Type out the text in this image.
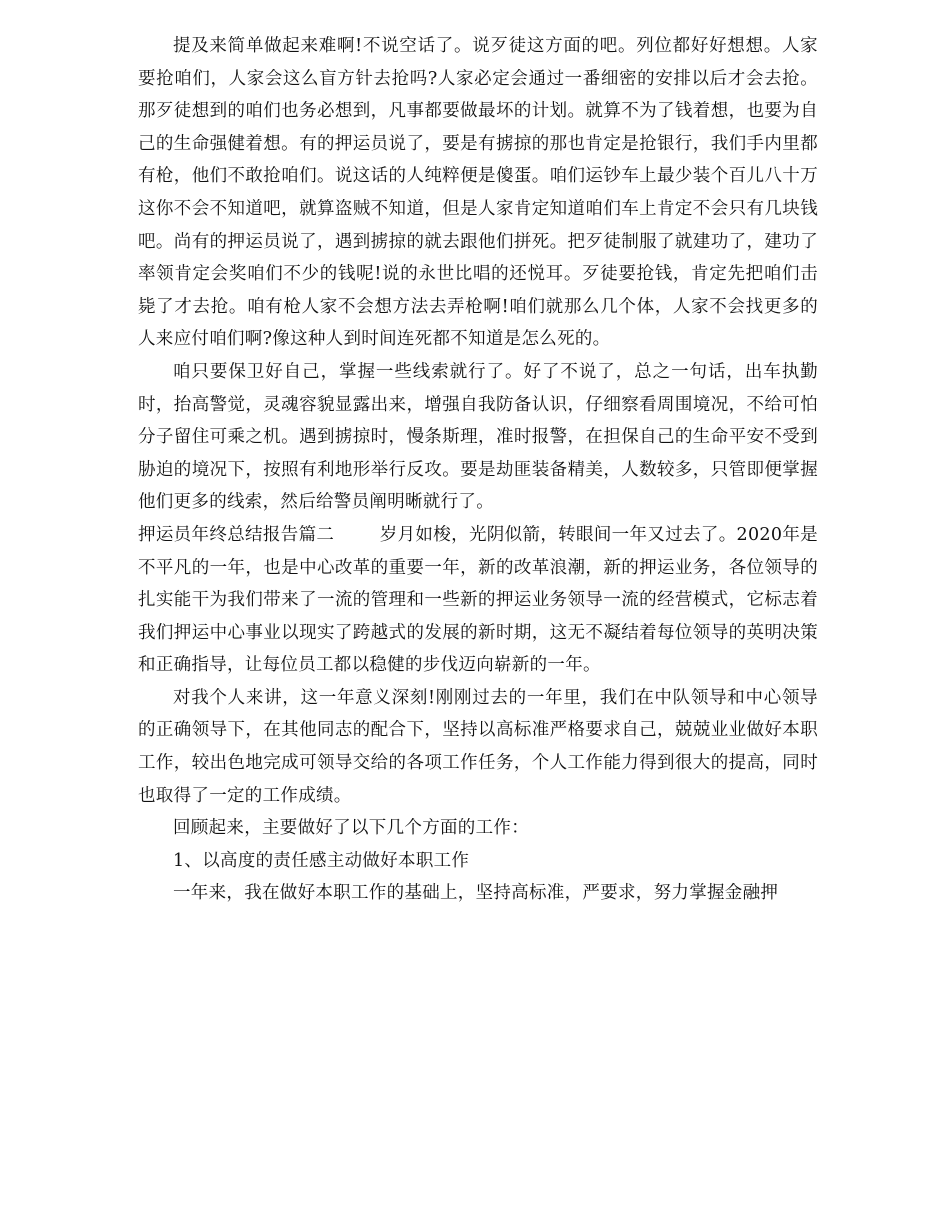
提及来简单做起来难啊!不说空话了。说歹徒这方面的吧。列位都好好想想。人家要抢咱们，人家会这么盲方针去抢吗?人家必定会通过一番细密的安排以后才会去抢。那歹徒想到的咱们也务必想到，凡事都要做最坏的计划。就算不为了钱着想，也要为自己的生命强健着想。有的押运员说了，要是有掳掠的那也肯定是抢银行，我们手内里都有枪，他们不敢抢咱们。说这话的人纯粹便是傻蛋。咱们运钞车上最少装个百儿八十万这你不会不知道吧，就算盗贼不知道，但是人家肯定知道咱们车上肯定不会只有几块钱吧。尚有的押运员说了，遇到掳掠的就去跟他们拼死。把歹徒制服了就建功了，建功了率领肯定会奖咱们不少的钱呢!说的永世比唱的还悦耳。歹徒要抢钱，肯定先把咱们击毙了才去抢。咱有枪人家不会想方法去弄枪啊!咱们就那么几个体，人家不会找更多的人来应付咱们啊?像这种人到时间连死都不知道是怎么死的。

咱只要保卫好自己，掌握一些线索就行了。好了不说了，总之一句话，出车执勤时，抬高警觉，灵魂容貌显露出来，增强自我防备认识，仔细察看周围境况，不给可怕分子留住可乘之机。遇到掳掠时，慢条斯理，准时报警，在担保自己的生命平安不受到胁迫的境况下，按照有利地形举行反攻。要是劫匪装备精美，人数较多，只管即便掌握他们更多的线索，然后给警员阐明晰就行了。

押运员年终总结报告篇二	岁月如梭，光阴似箭，转眼间一年又过去了。2020年是不平凡的一年，也是中心改革的重要一年，新的改革浪潮，新的押运业务，各位领导的扎实能干为我们带来了一流的管理和一些新的押运业务领导一流的经营模式，它标志着我们押运中心事业以现实了跨越式的发展的新时期，这无不凝结着每位领导的英明决策和正确指导，让每位员工都以稳健的步伐迈向崭新的一年。

对我个人来讲，这一年意义深刻!刚刚过去的一年里，我们在中队领导和中心领导的正确领导下，在其他同志的配合下，坚持以高标准严格要求自己，兢兢业业做好本职工作，较出色地完成可领导交给的各项工作任务，个人工作能力得到很大的提高，同时也取得了一定的工作成绩。

回顾起来，主要做好了以下几个方面的工作：

1、以高度的责任感主动做好本职工作

一年来，我在做好本职工作的基础上，坚持高标准，严要求，努力掌握金融押
